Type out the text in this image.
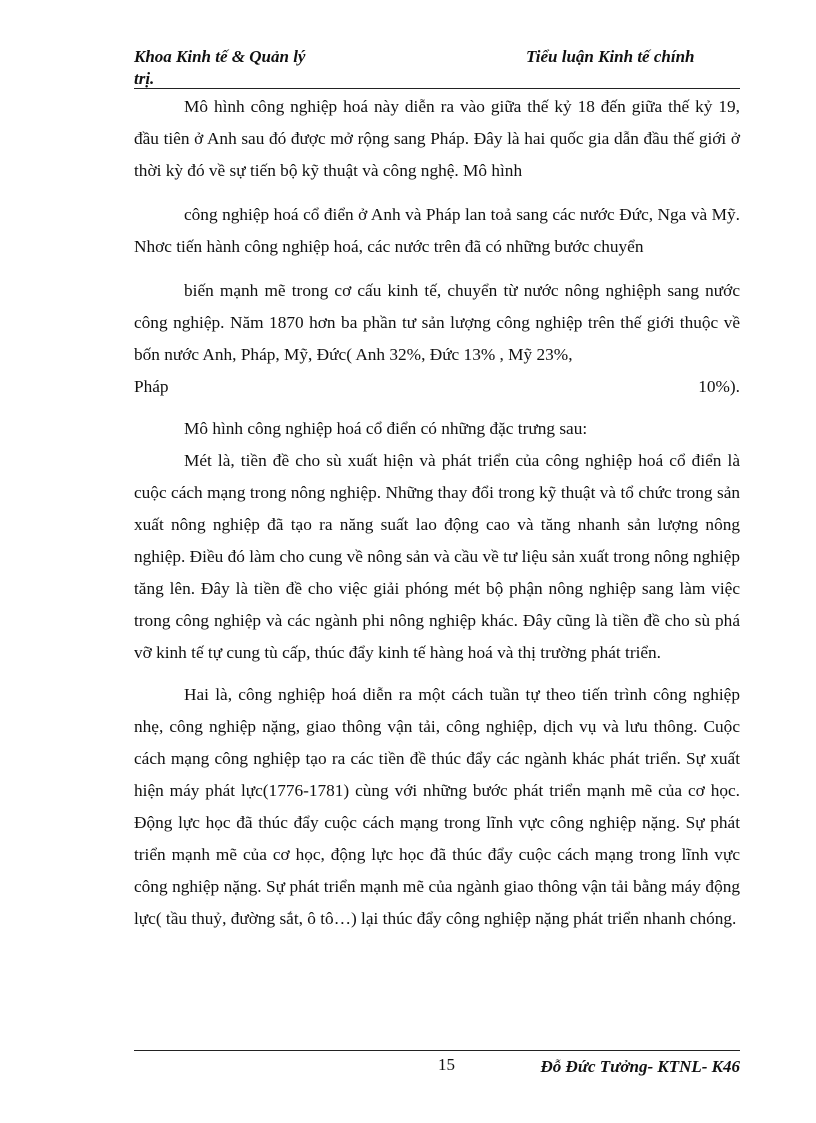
Khoa Kinh tế & Quản lý
trị.
Tiểu luận Kinh tế chính

Mô hình công nghiệp hoá này diễn ra vào giữa thế kỷ 18 đến giữa thế kỷ 19, đầu tiên ở Anh sau đó được mở rộng sang Pháp. Đây là hai quốc gia dẫn đầu thế giới ở thời kỳ đó về sự tiến bộ kỹ thuật và công nghệ. Mô hình

công nghiệp hoá cổ điển ở Anh và Pháp lan toả sang các nước Đức, Nga và Mỹ. Nhơc tiến hành công nghiệp hoá, các nước trên đã có những bước chuyển

biến mạnh mẽ trong cơ cấu kinh tế, chuyển từ nước nông nghiệph sang nước công nghiệp. Năm 1870 hơn ba phần tư sản lượng công nghiệp trên thế giới thuộc về bốn nước Anh, Pháp, Mỹ, Đức( Anh 32%, Đức 13% , Mỹ 23%,

Pháp	10%).

Mô hình công nghiệp hoá cổ điển có những đặc trưng sau:

Mét là, tiền đề cho sù xuất hiện và phát triển của công nghiệp hoá cổ điển là cuộc cách mạng trong nông nghiệp. Những thay đổi trong kỹ thuật và tổ chức trong sản xuất nông nghiệp đã tạo ra năng suất lao động cao và tăng nhanh sản lượng nông nghiệp. Điều đó làm cho cung về nông sản và cầu về tư liệu sản xuất trong nông nghiệp tăng lên. Đây là tiền đề cho việc giải phóng mét bộ phận nông nghiệp sang làm việc trong công nghiệp và các ngành phi nông nghiệp khác. Đây cũng là tiền đề cho sù phá vỡ kinh tế tự cung tù cấp, thúc đẩy kinh tế hàng hoá và thị trường phát triển.

Hai là, công nghiệp hoá diễn ra một cách tuần tự theo tiến trình công nghiệp nhẹ, công nghiệp nặng, giao thông vận tải, công nghiệp, dịch vụ và lưu thông. Cuộc cách mạng công nghiệp tạo ra các tiền đề thúc đẩy các ngành khác phát triển. Sự xuất hiện máy phát lực(1776-1781) cùng với những bước phát triển mạnh mẽ của cơ học. Động lực học đã thúc đẩy cuộc cách mạng trong lĩnh vực công nghiệp nặng. Sự phát triển mạnh mẽ của cơ học, động lực học đã thúc đẩy cuộc cách mạng trong lĩnh vực công nghiệp nặng. Sự phát triển mạnh mẽ của ngành giao thông vận tải bằng máy động lực( tầu thuỷ, đường sắt, ô tô…) lại thúc đẩy công nghiệp nặng phát triển nhanh chóng.

15	Đỗ Đức Tưởng- KTNL- K46
